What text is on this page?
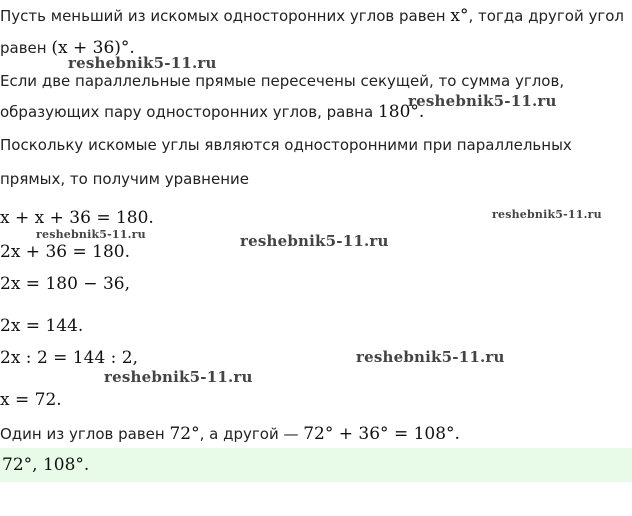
Пусть меньший из искомых односторонних углов равен x°, тогда другой угол
равен (x + 36)°.
Если две параллельные прямые пересечены секущей, то сумма углов,
образующих пару односторонних углов, равна 180°.
Поскольку искомые углы являются односторонними при параллельных
прямых, то получим уравнение
x + x + 36 = 180.
2x + 36 = 180.
2x = 180 − 36,
2x = 144.
2x : 2 = 144 : 2,
x = 72.
Один из углов равен 72°, а другой — 72° + 36° = 108°.
72°, 108°.
reshebnik5-11.ru
reshebnik5-11.ru
reshebnik5-11.ru
reshebnik5-11.ru	reshebnik5-11.ru
reshebnik5-11.ru
reshebnik5-11.ru
